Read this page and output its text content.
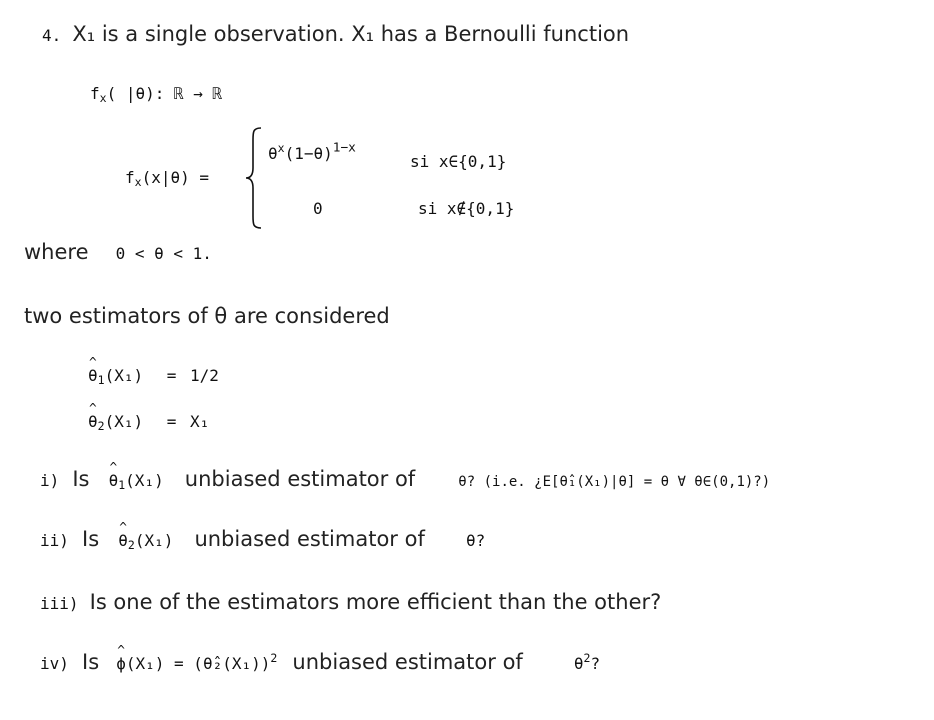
4. X₁ is a single observation. X₁ has a Bernoulli function
$f_x$( |θ): ℝ → ℝ
$f_x(x|\theta)$ =
$\theta^x(1-\theta)^{1-x}$
si x∈{0,1}
0	si x∉{0,1}
where 0 < θ < 1.
two estimators of θ are considered
^ $\theta_1(X_1) = 1/2$
^ $\theta_2(X_1) = X_1$
i) Is ^ $\theta_1(X_1)$ unbiased estimator of	θ? (i.e. ¿E[θ̂₁(X₁)|θ] = θ ∀ θ∈(0,1)?)
ii) Is ^ $\theta_2(X_1)$ unbiased estimator of	θ?
iii) Is one of the estimators more efficient than the other?
iv) Is ^ ϕ(X₁) = (θ̂₂(X₁))$^2$ unbiased estimator of	$\theta^2$?
